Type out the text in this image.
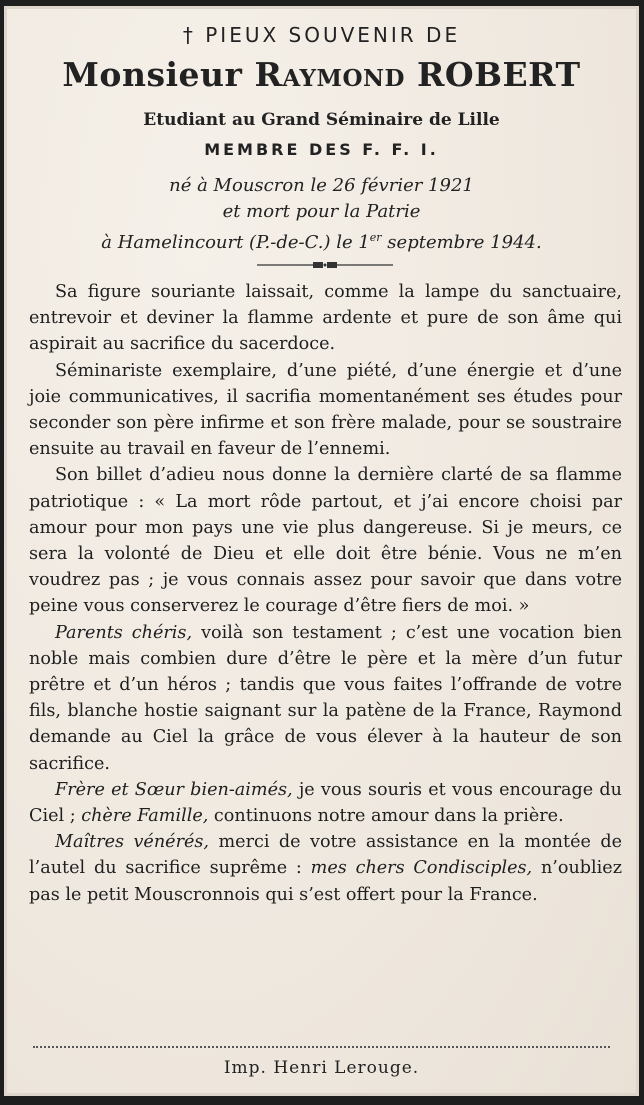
† PIEUX SOUVENIR DE
Monsieur Raymond ROBERT
Etudiant au Grand Séminaire de Lille
MEMBRE DES F. F. I.
né à Mouscron le 26 février 1921
et mort pour la Patrie
à Hamelincourt (P.-de-C.) le 1er septembre 1944.

Sa figure souriante laissait, comme la lampe du sanctuaire, entrevoir et deviner la flamme ardente et pure de son âme qui aspirait au sacrifice du sacerdoce.

Séminariste exemplaire, d’une piété, d’une énergie et d’une joie communicatives, il sacrifia momentanément ses études pour seconder son père infirme et son frère malade, pour se soustraire ensuite au travail en faveur de l’ennemi.

Son billet d’adieu nous donne la dernière clarté de sa flamme patriotique : « La mort rôde partout, et j’ai encore choisi par amour pour mon pays une vie plus dangereuse. Si je meurs, ce sera la volonté de Dieu et elle doit être bénie. Vous ne m’en voudrez pas ; je vous connais assez pour savoir que dans votre peine vous conserverez le courage d’être fiers de moi. »

Parents chéris, voilà son testament ; c’est une vocation bien noble mais combien dure d’être le père et la mère d’un futur prêtre et d’un héros ; tandis que vous faites l’offrande de votre fils, blanche hostie saignant sur la patène de la France, Raymond demande au Ciel la grâce de vous élever à la hauteur de son sacrifice.

Frère et Sœur bien-aimés, je vous souris et vous encourage du Ciel ; chère Famille, continuons notre amour dans la prière.

Maîtres vénérés, merci de votre assistance en la montée de l’autel du sacrifice suprême : mes chers Condisciples, n’oubliez pas le petit Mouscronnois qui s’est offert pour la France.

Imp. Henri Lerouge.
